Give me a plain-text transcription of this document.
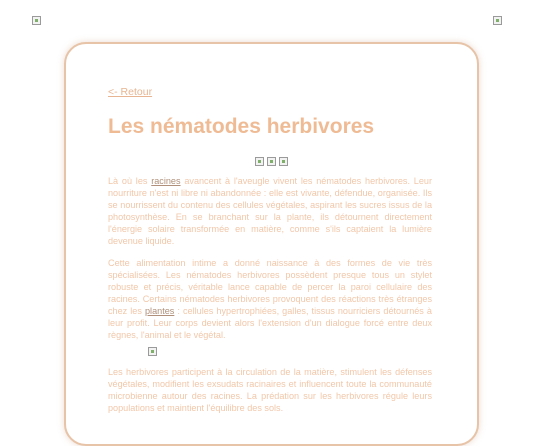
<- Retour
Les nématodes herbivores

Là où les racines avancent à l'aveugle vivent les nématodes herbivores. Leur nourriture n'est ni libre ni abandonnée : elle est vivante, défendue, organisée. Ils se nourrissent du contenu des cellules végétales, aspirant les sucres issus de la photosynthèse. En se branchant sur la plante, ils détournent directement l'énergie solaire transformée en matière, comme s'ils captaient la lumière devenue liquide.

Cette alimentation intime a donné naissance à des formes de vie très spécialisées. Les nématodes herbivores possèdent presque tous un stylet robuste et précis, véritable lance capable de percer la paroi cellulaire des racines. Certains nématodes herbivores provoquent des réactions très étranges chez les plantes : cellules hypertrophiées, galles, tissus nourriciers détournés à leur profit. Leur corps devient alors l'extension d'un dialogue forcé entre deux règnes, l'animal et le végétal.

Les herbivores participent à la circulation de la matière, stimulent les défenses végétales, modifient les exsudats racinaires et influencent toute la communauté microbienne autour des racines. La prédation sur les herbivores régule leurs populations et maintient l'équilibre des sols.
